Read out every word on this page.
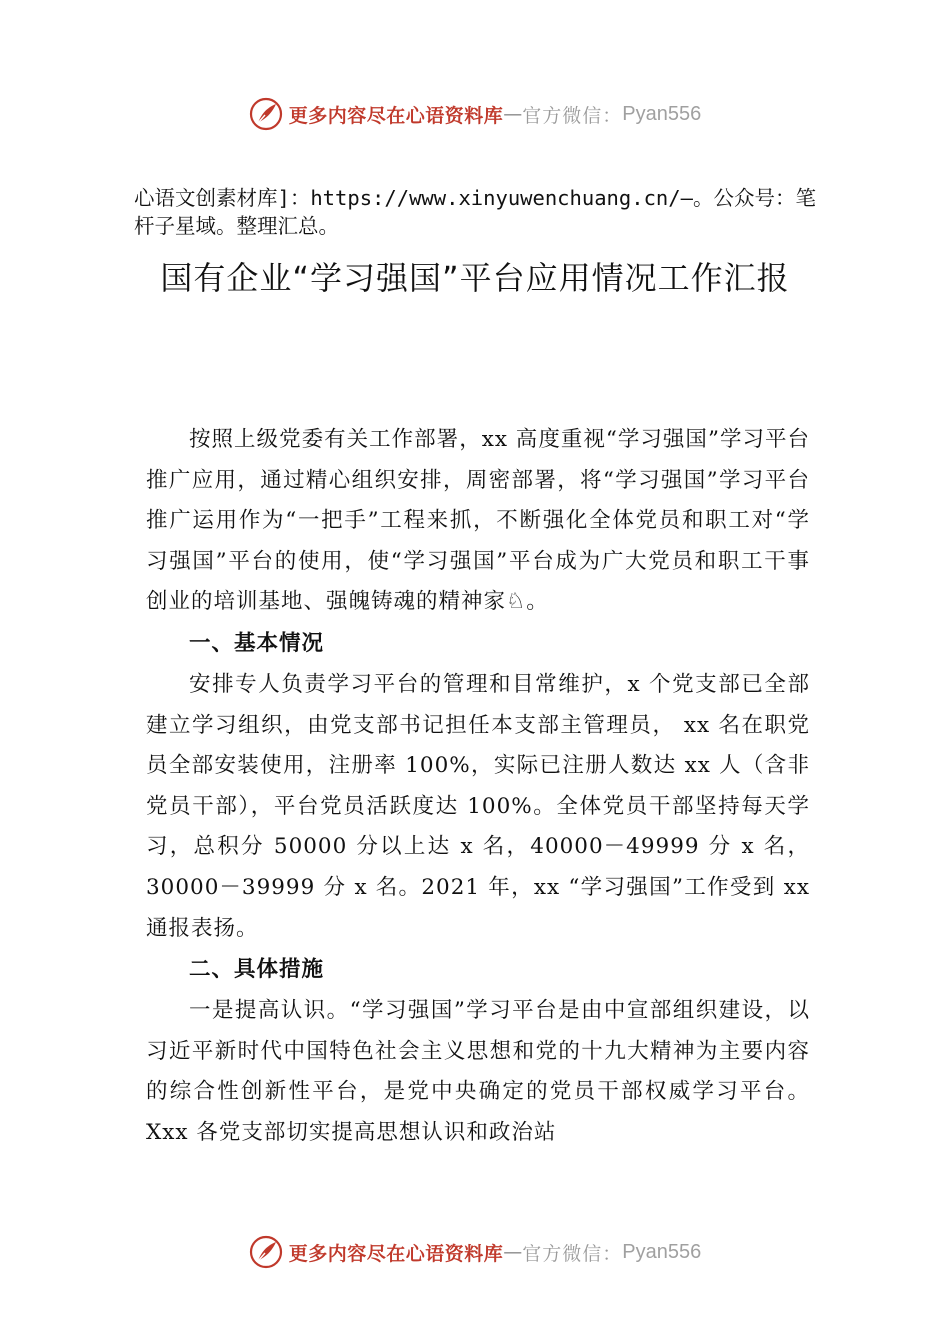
更多内容尽在心语资料库 — 官方微信： Pyan556
心语文创素材库]：https://www.xinyuwenchuang.cn/—。公众号：笔杆子星域。整理汇总。
国有企业“学习强国”平台应用情况工作汇报

按照上级党委有关工作部署，xx 高度重视“学习强国”学习平台推广应用，通过精心组织安排，周密部署，将“学习强国”学习平台推广运用作为“一把手”工程来抓，不断强化全体党员和职工对“学习强国”平台的使用，使“学习强国”平台成为广大党员和职工干事创业的培训基地、强魄铸魂的精神家♘。

一、基本情况

安排专人负责学习平台的管理和目常维护，x 个党支部已全部建立学习组织，由党支部书记担任本支部主管理员， xx 名在职党员全部安装使用，注册率 100%，实际已注册人数达 xx 人（含非党员干部），平台党员活跃度达 100%。全体党员干部坚持每天学习，总积分 50000 分以上达 x 名，40000－49999 分 x 名，30000－39999 分 x 名。2021 年，xx “学习强国”工作受到 xx 通报表扬。

二、具体措施

一是提高认识。“学习强国”学习平台是由中宣部组织建设，以习近平新时代中国特色社会主义思想和党的十九大精神为主要内容的综合性创新性平台，是党中央确定的党员干部权威学习平台。Xxx 各党支部切实提高思想认识和政治站

更多内容尽在心语资料库 — 官方微信： Pyan556
